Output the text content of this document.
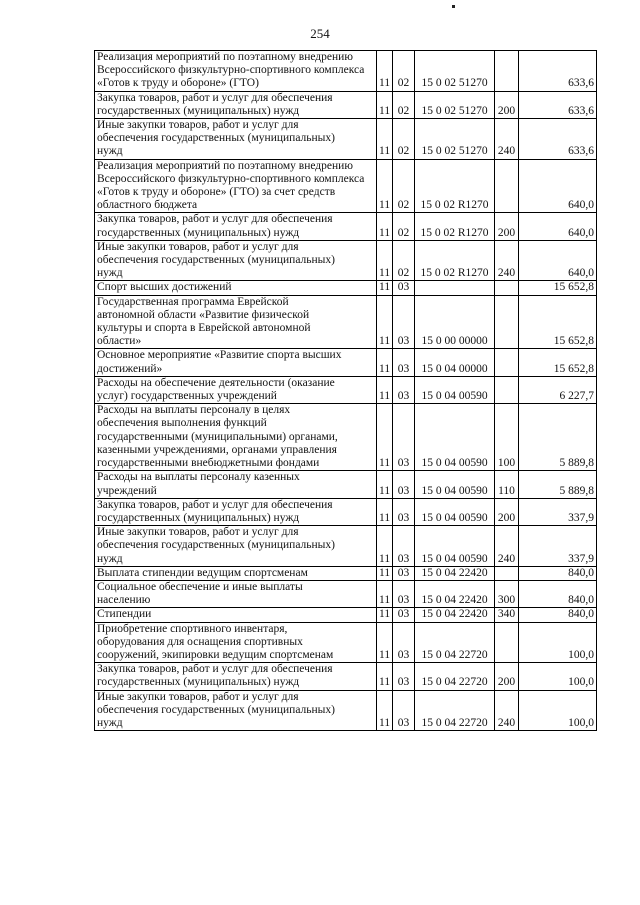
254
Реализация мероприятий по поэтапному внедрению Всероссийского физкультурно-спортивного комплекса «Готов к труду и обороне» (ГТО)	11	02	15 0 02 51270		633,6

Закупка товаров, работ и услуг для обеспечения
государственных (муниципальных) нужд	11	02	15 0 02 51270	200	633,6

Иные закупки товаров, работ и услуг для
обеспечения государственных (муниципальных)
нужд	11	02	15 0 02 51270	240	633,6
Реализация мероприятий по поэтапному внедрению Всероссийского физкультурно-спортивного комплекса «Готов к труду и обороне» (ГТО) за счет средств областного бюджета	11	02	15 0 02 R1270		640,0

Закупка товаров, работ и услуг для обеспечения
государственных (муниципальных) нужд	11	02	15 0 02 R1270	200	640,0

Иные закупки товаров, работ и услуг для
обеспечения государственных (муниципальных)
нужд	11	02	15 0 02 R1270	240	640,0

Спорт высших достижений	11	03			15 652,8

Государственная программа Еврейской
автономной области «Развитие физической
культуры и спорта в Еврейской автономной
области»	11	03	15 0 00 00000		15 652,8

Основное мероприятие «Развитие спорта высших
достижений»	11	03	15 0 04 00000		15 652,8

Расходы на обеспечение деятельности (оказание
услуг) государственных учреждений	11	03	15 0 04 00590		6 227,7

Расходы на выплаты персоналу в целях
обеспечения выполнения функций
государственными (муниципальными) органами,
казенными учреждениями, органами управления
государственными внебюджетными фондами	11	03	15 0 04 00590	100	5 889,8

Расходы на выплаты персоналу казенных
учреждений	11	03	15 0 04 00590	110	5 889,8

Закупка товаров, работ и услуг для обеспечения
государственных (муниципальных) нужд	11	03	15 0 04 00590	200	337,9

Иные закупки товаров, работ и услуг для
обеспечения государственных (муниципальных)
нужд	11	03	15 0 04 00590	240	337,9

Выплата стипендии ведущим спортсменам	11	03	15 0 04 22420		840,0

Социальное обеспечение и иные выплаты
населению	11	03	15 0 04 22420	300	840,0

Стипендии	11	03	15 0 04 22420	340	840,0

Приобретение спортивного инвентаря,
оборудования для оснащения спортивных
сооружений, экипировки ведущим спортсменам	11	03	15 0 04 22720		100,0

Закупка товаров, работ и услуг для обеспечения
государственных (муниципальных) нужд	11	03	15 0 04 22720	200	100,0

Иные закупки товаров, работ и услуг для
обеспечения государственных (муниципальных)
нужд	11	03	15 0 04 22720	240	100,0
